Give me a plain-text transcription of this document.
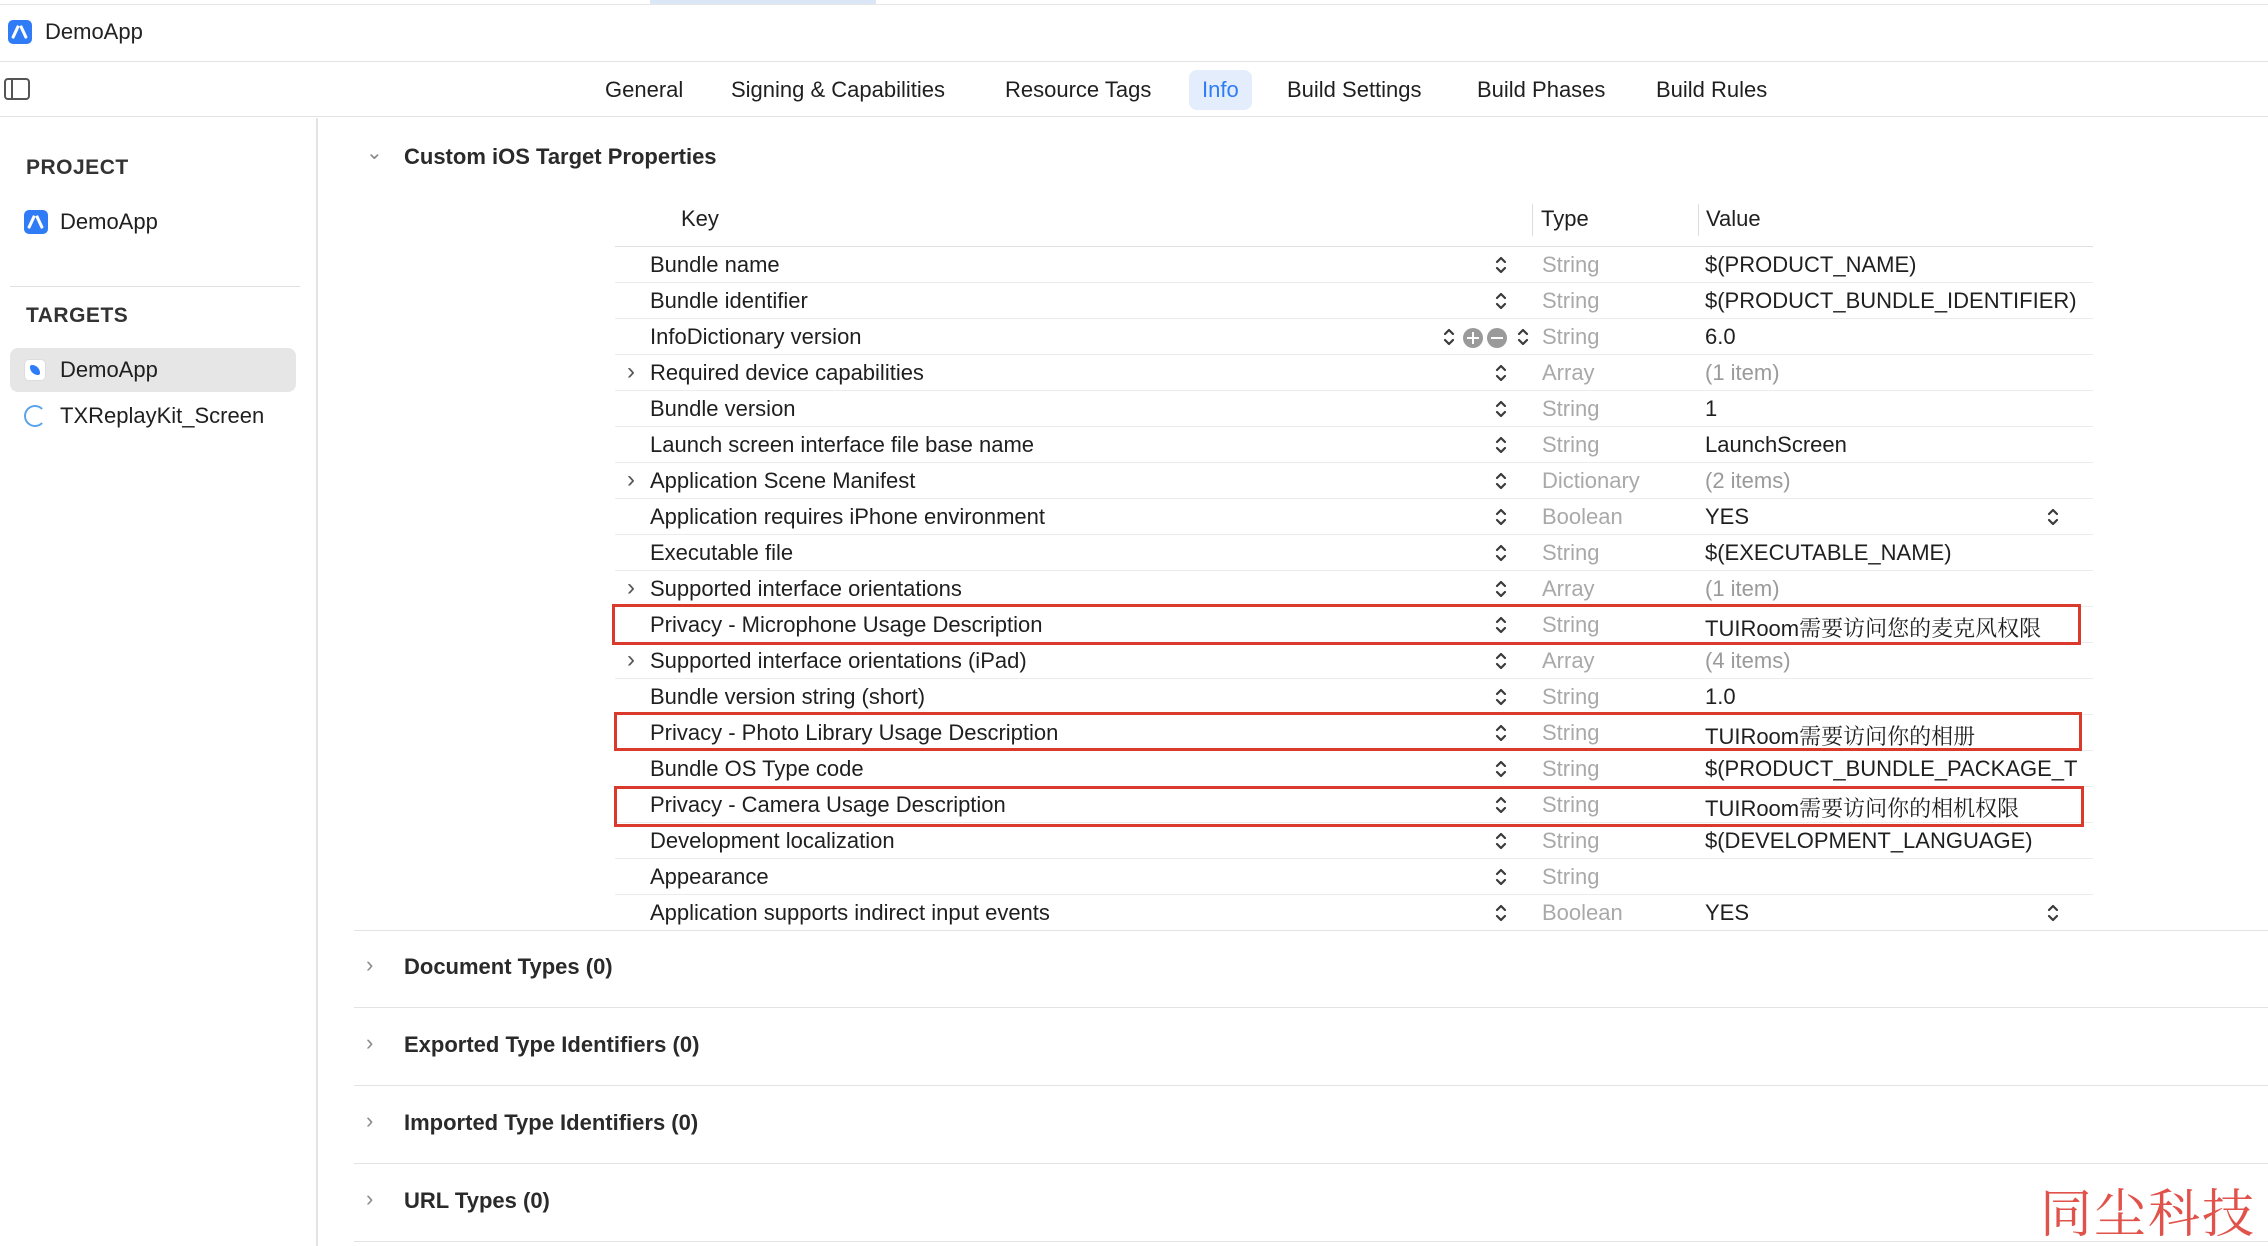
DemoApp
General	Signing & Capabilities	Resource Tags	Info	Build Settings	Build Phases	Build Rules
PROJECT
DemoApp
TARGETS
DemoApp
TXReplayKit_Screen
⌄ Custom iOS Target Properties
Key	Type	Value
Bundle name	String	$(PRODUCT_NAME)
Bundle identifier	String	$(PRODUCT_BUNDLE_IDENTIFIER)
InfoDictionary version	String	6.0
› Required device capabilities	Array	(1 item)
Bundle version	String	1
Launch screen interface file base name	String	LaunchScreen
› Application Scene Manifest	Dictionary	(2 items)
Application requires iPhone environment	Boolean	YES
Executable file	String	$(EXECUTABLE_NAME)
› Supported interface orientations	Array	(1 item)
Privacy - Microphone Usage Description	String	TUIRoom需要访问您的麦克风权限
› Supported interface orientations (iPad)	Array	(4 items)
Bundle version string (short)	String	1.0
Privacy - Photo Library Usage Description	String	TUIRoom需要访问你的相册
Bundle OS Type code	String	$(PRODUCT_BUNDLE_PACKAGE_T
Privacy - Camera Usage Description	String	TUIRoom需要访问你的相机权限
Development localization	String	$(DEVELOPMENT_LANGUAGE)
Appearance	String
Application supports indirect input events	Boolean	YES
› Document Types (0)
› Exported Type Identifiers (0)
› Imported Type Identifiers (0)
› URL Types (0)	同尘科技
